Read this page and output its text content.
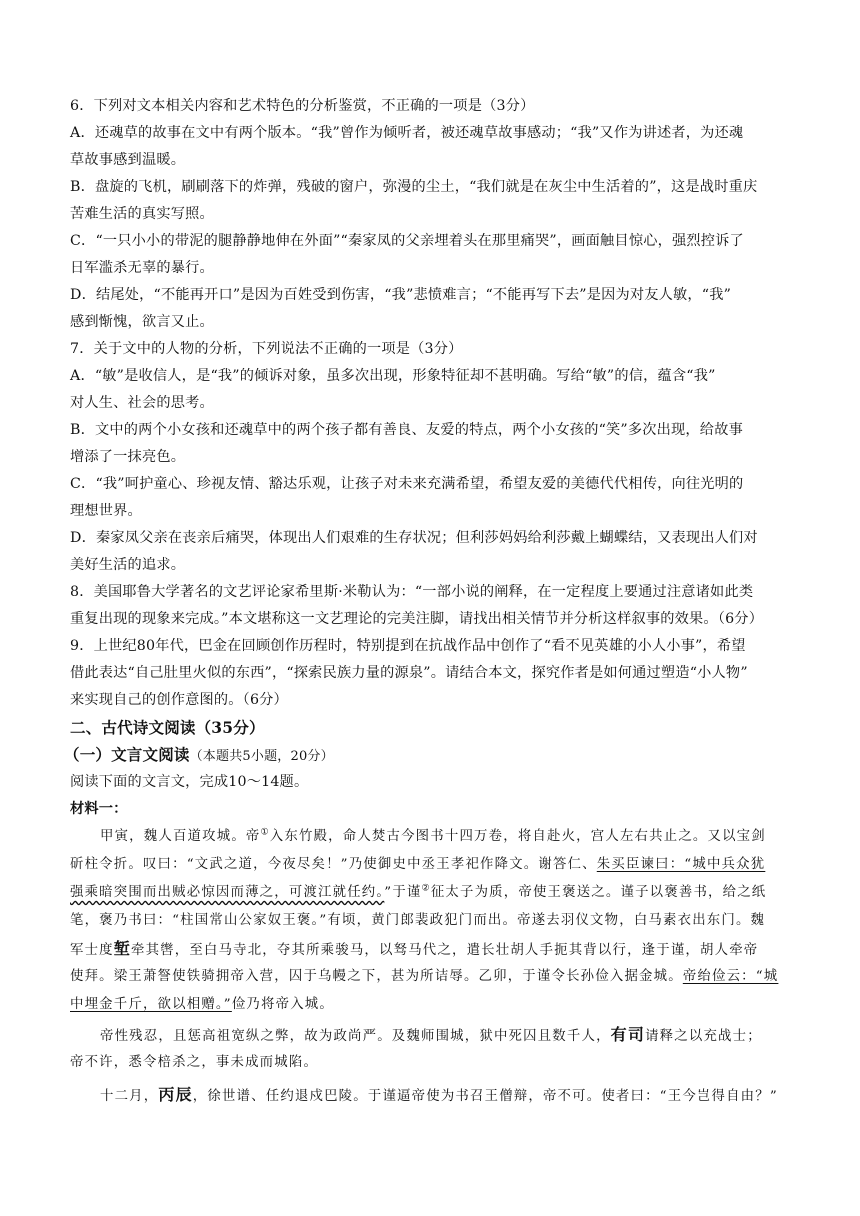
6．下列对文本相关内容和艺术特色的分析鉴赏，不正确的一项是（3分）
A．还魂草的故事在文中有两个版本。“我”曾作为倾听者，被还魂草故事感动；“我”又作为讲述者，为还魂
草故事感到温暖。
B．盘旋的飞机，刷刷落下的炸弹，残破的窗户，弥漫的尘土，“我们就是在灰尘中生活着的”，这是战时重庆
苦难生活的真实写照。
C．“一只小小的带泥的腿静静地伸在外面”“秦家凤的父亲埋着头在那里痛哭”，画面触目惊心，强烈控诉了
日军滥杀无辜的暴行。
D．结尾处，“不能再开口”是因为百姓受到伤害，“我”悲愤难言；“不能再写下去”是因为对友人敏，“我”
感到惭愧，欲言又止。
7．关于文中的人物的分析，下列说法不正确的一项是（3分）
A．“敏”是收信人，是“我”的倾诉对象，虽多次出现，形象特征却不甚明确。写给“敏”的信，蕴含“我”
对人生、社会的思考。
B．文中的两个小女孩和还魂草中的两个孩子都有善良、友爱的特点，两个小女孩的“笑”多次出现，给故事
增添了一抹亮色。
C．“我”呵护童心、珍视友情、豁达乐观，让孩子对未来充满希望，希望友爱的美德代代相传，向往光明的
理想世界。
D．秦家凤父亲在丧亲后痛哭，体现出人们艰难的生存状况；但利莎妈妈给利莎戴上蝴蝶结，又表现出人们对
美好生活的追求。
8．美国耶鲁大学著名的文艺评论家希里斯·米勒认为：“一部小说的阐释，在一定程度上要通过注意诸如此类
重复出现的现象来完成。”本文堪称这一文艺理论的完美注脚，请找出相关情节并分析这样叙事的效果。（6分）
9．上世纪80年代，巴金在回顾创作历程时，特别提到在抗战作品中创作了“看不见英雄的小人小事”，希望
借此表达“自己肚里火似的东西”，“探索民族力量的源泉”。请结合本文，探究作者是如何通过塑造“小人物”
来实现自己的创作意图的。（6分）
二、古代诗文阅读（35分）
（一）文言文阅读（本题共5小题，20分）
阅读下面的文言文，完成10～14题。
材料一：
甲寅，魏人百道攻城。帝①入东竹殿，命人焚古今图书十四万卷，将自赴火，宫人左右共止之。又以宝剑
斫柱令折。叹曰：“文武之道，今夜尽矣！”乃使御史中丞王孝祀作降文。谢答仁、朱买臣谏曰：“城中兵众犹
强乘暗突围而出贼必惊因而薄之，可渡江就任约。”于谨②征太子为质，帝使王褒送之。谨子以褒善书，给之纸
笔，褒乃书曰：“柱国常山公家奴王褒。”有顷，黄门郎裴政犯门而出。帝遂去羽仪文物，白马素衣出东门。魏
军士度堑牵其辔，至白马寺北，夺其所乘骏马，以驽马代之，遣长壮胡人手扼其背以行，逢于谨，胡人牵帝
使拜。梁王萧詧使铁骑拥帝入营，囚于乌幔之下，甚为所诘辱。乙卯，于谨令长孙俭入据金城。帝绐俭云：“城
中埋金千斤，欲以相赠。”俭乃将帝入城。
帝性残忍，且惩高祖宽纵之弊，故为政尚严。及魏师围城，狱中死囚且数千人，有司请释之以充战士；
帝不许，悉令棓杀之，事未成而城陷。
十二月，丙辰，徐世谱、任约退戍巴陵。于谨逼帝使为书召王僧辩，帝不可。使者曰：“王今岂得自由？”
